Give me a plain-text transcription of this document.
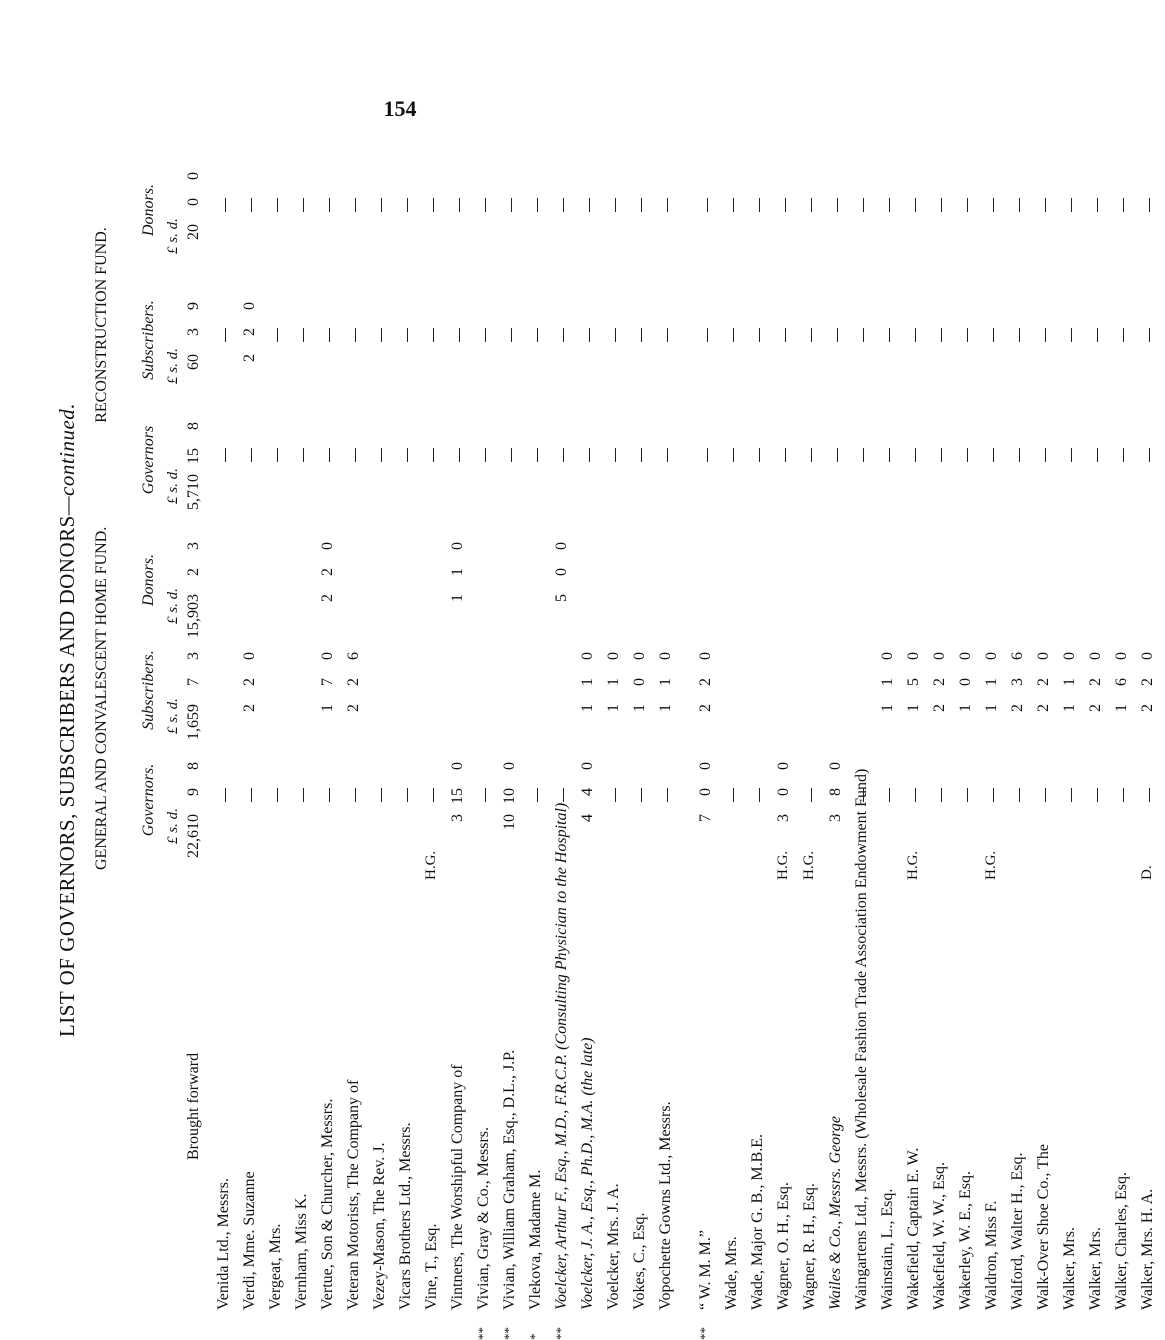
154
LIST OF GOVERNORS, SUBSCRIBERS AND DONORS—continued.
GENERAL AND CONVALESCENT HOME FUND.
RECONSTRUCTION FUND.
Governors.
Subscribers.
Donors.
Governors
Subscribers.
Donors.
Brought forward
22,610
9
8
1,659
7
3
15,903
2
3
5,710
15
8
60
3
9
20
0
0
Venida Ltd., Messrs. Verdi, Mme. Suzanne
2
2
0
2
2
0
Vergeat, Mrs. Vernham, Miss K. Vertue, Son & Churcher, Messrs.
1
7
0
2
2
0
Veteran Motorists, The Company of
2
2
6
Vezey-Mason, The Rev. J. Vicars Brothers Ltd., Messrs. Vine, T., Esq.
H.G.
Vintners, The Worshipful Company of
3
15
0
1
1
0
**
Vivian, Gray & Co., Messrs.
**
Vivian, William Graham, Esq., D.L., J.P.
10
10
0
*
Vlekova, Madame M.
**
Voelcker, Arthur F., Esq., M.D., F.R.C.P. (Consulting Physician to the Hospital)
5
0
0
Voelcker, J. A., Esq., Ph.D., M.A. (the late)
4
4
0
1
1
0
Voelcker, Mrs. J. A.
1
1
0
Vokes, C., Esq.
1
0
0
Vopochette Gowns Ltd., Messrs.
1
1
0
**
“ W. M. M.”
7
0
0
2
2
0
Wade, Mrs. Wade, Major G. B., M.B.E. Wagner, O. H., Esq.
H.G.
3
0
0
Wagner, R. H., Esq.
H.G.
Wailes & Co., Messrs. George
3
8
0
Waingartens Ltd., Messrs. (Wholesale Fashion Trade Association Endowment Fund) Wainstain, L., Esq.
1
1
0
Wakefield, Captain E. W.
H.G.
1
5
0
Wakefield, W. W., Esq.
2
2
0
Wakerley, W. E., Esq.
1
0
0
Waldron, Miss F.
H.G.
1
1
0
Walford, Walter H., Esq.
2
3
6
Walk-Over Shoe Co., The
2
2
0
Walker, Mrs.
1
1
0
Walker, Mrs.
2
2
0
Walker, Charles, Esq.
1
6
0
Walker, Mrs. H. A.
D.
2
2
0
£ s. d.
£ s. d.
£ s. d.
£ s. d.
£ s. d.
£ s. d.
